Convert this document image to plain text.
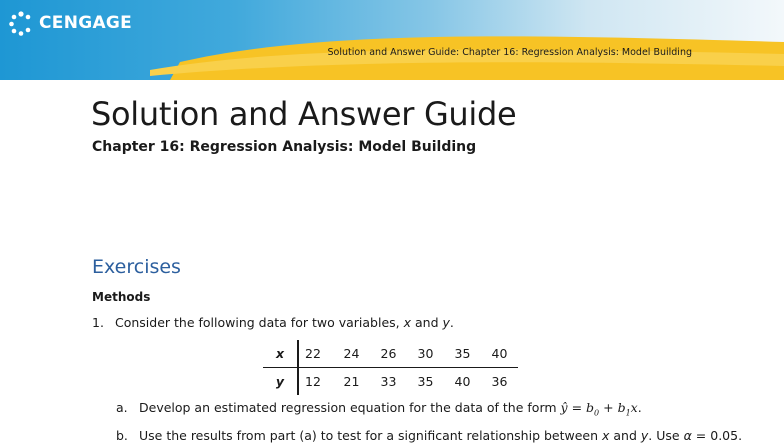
CENGAGE
Solution and Answer Guide: Chapter 16: Regression Analysis: Model Building
Solution and Answer Guide
Chapter 16: Regression Analysis: Model Building
Exercises
Methods
1. Consider the following data for two variables, x and y.
x	22	24	26	30	35	40
y	12	21	33	35	40	36
a. Develop an estimated regression equation for the data of the form ŷ = $b_0 + b_1x$.
b. Use the results from part (a) to test for a significant relationship between x and y. Use α = 0.05.
